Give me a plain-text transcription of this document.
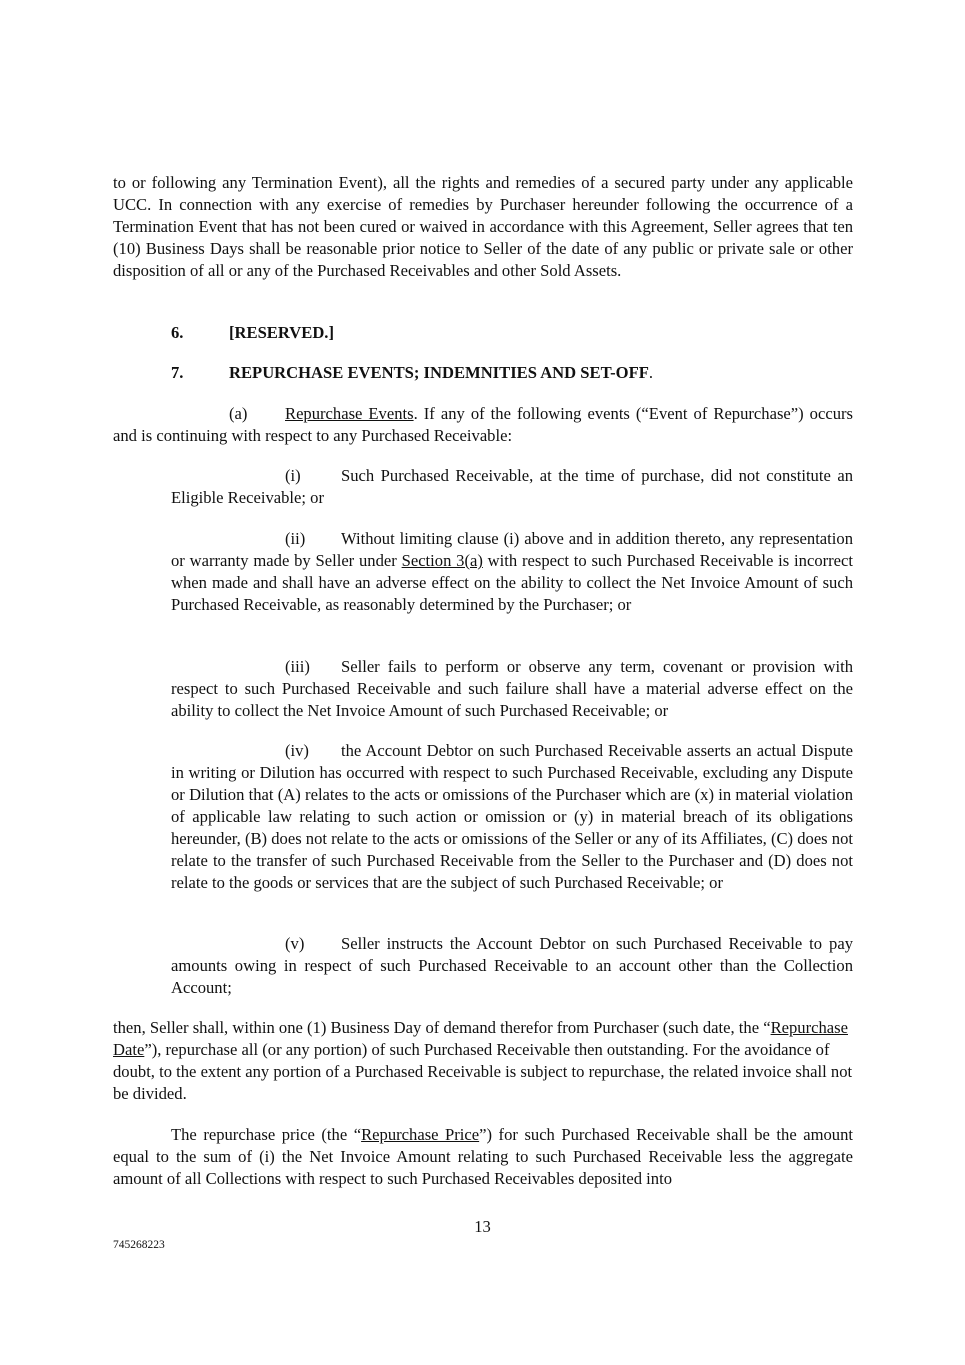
to or following any Termination Event), all the rights and remedies of a secured party under any applicable UCC. In connection with any exercise of remedies by Purchaser hereunder following the occurrence of a Termination Event that has not been cured or waived in accordance with this Agreement, Seller agrees that ten (10) Business Days shall be reasonable prior notice to Seller of the date of any public or private sale or other disposition of all or any of the Purchased Receivables and other Sold Assets.
6.	[RESERVED.]
7.	REPURCHASE EVENTS; INDEMNITIES AND SET-OFF.
(a) Repurchase Events. If any of the following events (“Event of Repurchase”) occurs and is continuing with respect to any Purchased Receivable:
(i) Such Purchased Receivable, at the time of purchase, did not constitute an Eligible Receivable; or
(ii) Without limiting clause (i) above and in addition thereto, any representation or warranty made by Seller under Section 3(a) with respect to such Purchased Receivable is incorrect when made and shall have an adverse effect on the ability to collect the Net Invoice Amount of such Purchased Receivable, as reasonably determined by the Purchaser; or
(iii) Seller fails to perform or observe any term, covenant or provision with respect to such Purchased Receivable and such failure shall have a material adverse effect on the ability to collect the Net Invoice Amount of such Purchased Receivable; or
(iv) the Account Debtor on such Purchased Receivable asserts an actual Dispute in writing or Dilution has occurred with respect to such Purchased Receivable, excluding any Dispute or Dilution that (A) relates to the acts or omissions of the Purchaser which are (x) in material violation of applicable law relating to such action or omission or (y) in material breach of its obligations hereunder, (B) does not relate to the acts or omissions of the Seller or any of its Affiliates, (C) does not relate to the transfer of such Purchased Receivable from the Seller to the Purchaser and (D) does not relate to the goods or services that are the subject of such Purchased Receivable; or
(v) Seller instructs the Account Debtor on such Purchased Receivable to pay amounts owing in respect of such Purchased Receivable to an account other than the Collection Account;
then, Seller shall, within one (1) Business Day of demand therefor from Purchaser (such date, the “Repurchase Date”), repurchase all (or any portion) of such Purchased Receivable then outstanding. For the avoidance of doubt, to the extent any portion of a Purchased Receivable is subject to repurchase, the related invoice shall not be divided.
The repurchase price (the “Repurchase Price”) for such Purchased Receivable shall be the amount equal to the sum of (i) the Net Invoice Amount relating to such Purchased Receivable less the aggregate amount of all Collections with respect to such Purchased Receivables deposited into
13
745268223
